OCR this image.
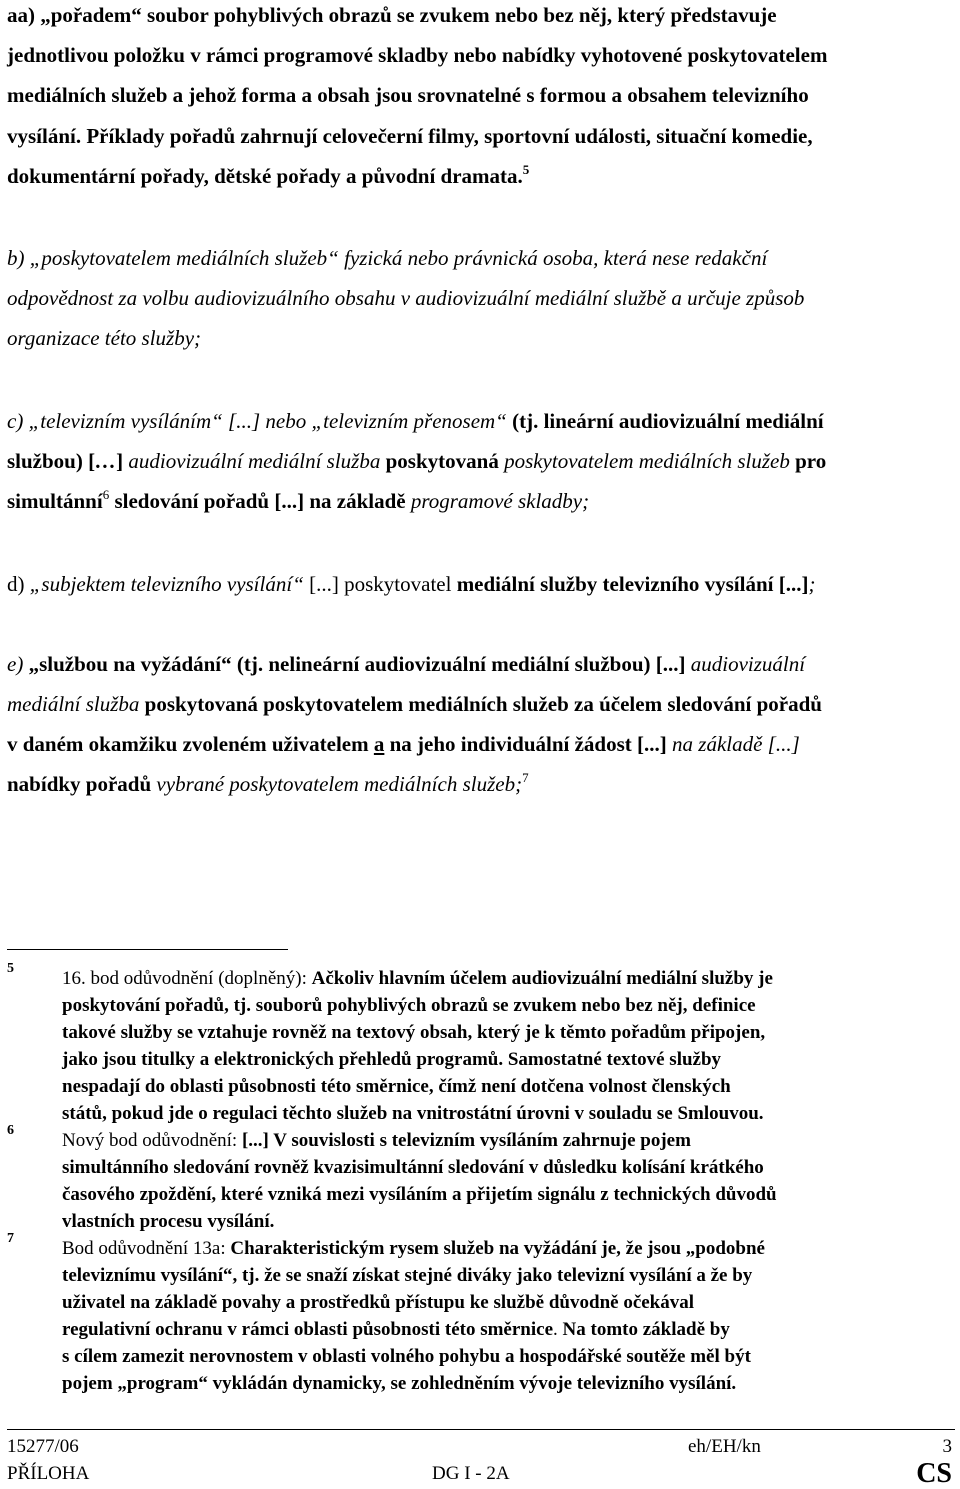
aa) „pořadem“ soubor pohyblivých obrazů se zvukem nebo bez něj, který představuje
jednotlivou položku v rámci programové skladby nebo nabídky vyhotovené poskytovatelem
mediálních služeb a jehož forma a obsah jsou srovnatelné s formou a obsahem televizního
vysílání. Příklady pořadů zahrnují celovečerní filmy, sportovní události, situační komedie,
dokumentární pořady, dětské pořady a původní dramata.$^5$
b) „poskytovatelem mediálních služeb“ fyzická nebo právnická osoba, která nese redakční
odpovědnost za volbu audiovizuálního obsahu v audiovizuální mediální službě a určuje způsob
organizace této služby;
c) „televizním vysíláním“ [...] nebo „televizním přenosem“ (tj. lineární audiovizuální mediální
službou) […] audiovizuální mediální služba poskytovaná poskytovatelem mediálních služeb pro
simultánní$^6$ sledování pořadů [...] na základě programové skladby;
d) „subjektem televizního vysílání“ [...] poskytovatel mediální služby televizního vysílání [...];
e) „službou na vyžádání“ (tj. nelineární audiovizuální mediální službou) [...] audiovizuální
mediální služba poskytovaná poskytovatelem mediálních služeb za účelem sledování pořadů
v daném okamžiku zvoleném uživatelem a na jeho individuální žádost [...] na základě [...]
nabídky pořadů vybrané poskytovatelem mediálních služeb;$^7$
5	16. bod odůvodnění (doplněný): Ačkoliv hlavním účelem audiovizuální mediální služby je
poskytování pořadů, tj. souborů pohyblivých obrazů se zvukem nebo bez něj, definice
takové služby se vztahuje rovněž na textový obsah, který je k těmto pořadům připojen,
jako jsou titulky a elektronických přehledů programů. Samostatné textové služby
nespadají do oblasti působnosti této směrnice, čímž není dotčena volnost členských
států, pokud jde o regulaci těchto služeb na vnitrostátní úrovni v souladu se Smlouvou.
6	Nový bod odůvodnění: [...] V souvislosti s televizním vysíláním zahrnuje pojem
simultánního sledování rovněž kvazisimultánní sledování v důsledku kolísání krátkého
časového zpoždění, které vzniká mezi vysíláním a přijetím signálu z technických důvodů
vlastních procesu vysílání.
7	Bod odůvodnění 13a: Charakteristickým rysem služeb na vyžádání je, že jsou „podobné
televiznímu vysílání“, tj. že se snaží získat stejné diváky jako televizní vysílání a že by
uživatel na základě povahy a prostředků přístupu ke službě důvodně očekával
regulativní ochranu v rámci oblasti působnosti této směrnice. Na tomto základě by
s cílem zamezit nerovnostem v oblasti volného pohybu a hospodářské soutěže měl být
pojem „program“ vykládán dynamicky, se zohledněním vývoje televizního vysílání.
15277/06	eh/EH/kn	3
PŘÍLOHA	DG I - 2A	CS
